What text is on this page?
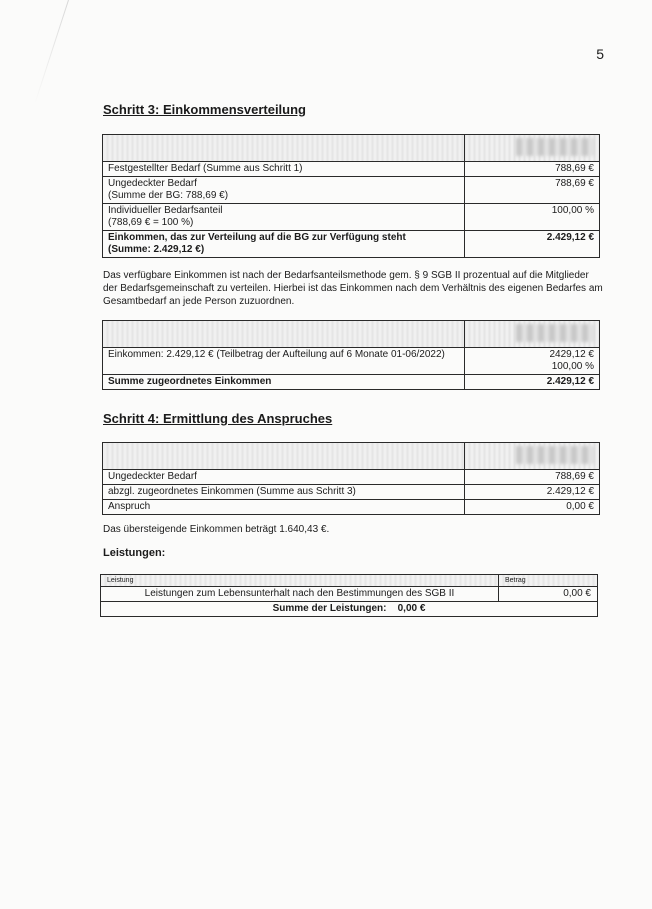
5
Schritt 3: Einkommensverteilung

Festgestellter Bedarf (Summe aus Schritt 1)	788,69 €

Ungedeckter Bedarf
(Summe der BG: 788,69 €)	788,69 €

Individueller Bedarfsanteil
(788,69 € = 100 %)	100,00 %

Einkommen, das zur Verteilung auf die BG zur Verfügung steht
(Summe: 2.429,12 €)	2.429,12 €
Das verfügbare Einkommen ist nach der Bedarfsanteilsmethode gem. § 9 SGB II prozentual auf die Mitglieder der Bedarfsgemeinschaft zu verteilen. Hierbei ist das Einkommen nach dem Verhältnis des eigenen Bedarfes am Gesamtbedarf an jede Person zuzuordnen.

Einkommen: 2.429,12 € (Teilbetrag der Aufteilung auf 6 Monate 01-06/2022)	2429,12 €
100,00 %

Summe zugeordnetes Einkommen	2.429,12 €
Schritt 4: Ermittlung des Anspruches

Ungedeckter Bedarf	788,69 €
abzgl. zugeordnetes Einkommen (Summe aus Schritt 3)	2.429,12 €
Anspruch	0,00 €
Das übersteigende Einkommen beträgt 1.640,43 €.
Leistungen:
Leistung	Betrag
Leistungen zum Lebensunterhalt nach den Bestimmungen des SGB II	0,00 €
Summe der Leistungen: 0,00 €	
